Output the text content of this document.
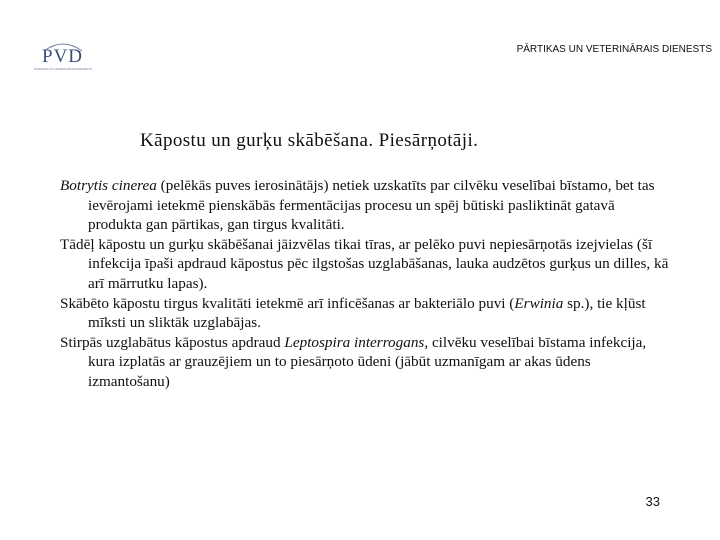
PVD
PĀRTIKAS UN VETERINĀRAIS DIENESTS
PĀRTIKAS UN VETERINĀRAIS DIENESTS
Kāpostu un gurķu skābēšana. Piesārņotāji.

Botrytis cinerea (pelēkās puves ierosinātājs) netiek uzskatīts par cilvēku veselībai bīstamo, bet tas ievērojami ietekmē pienskābās fermentācijas procesu un spēj būtiski pasliktināt gatavā produkta gan pārtikas, gan tirgus kvalitāti.

Tādēļ kāpostu un gurķu skābēšanai jāizvēlas tikai tīras, ar pelēko puvi nepiesārņotās izejvielas (šī infekcija īpaši apdraud kāpostus pēc ilgstošas uzglabāšanas, lauka audzētos gurķus un dilles, kā arī mārrutku lapas).

Skābēto kāpostu tirgus kvalitāti ietekmē arī inficēšanas ar bakteriālo puvi (Erwinia sp.), tie kļūst mīksti un sliktāk uzglabājas.

Stirpās uzglabātus kāpostus apdraud Leptospira interrogans, cilvēku veselībai bīstama infekcija, kura izplatās ar grauzējiem un to piesārņoto ūdeni (jābūt uzmanīgam ar akas ūdens izmantošanu)

33
